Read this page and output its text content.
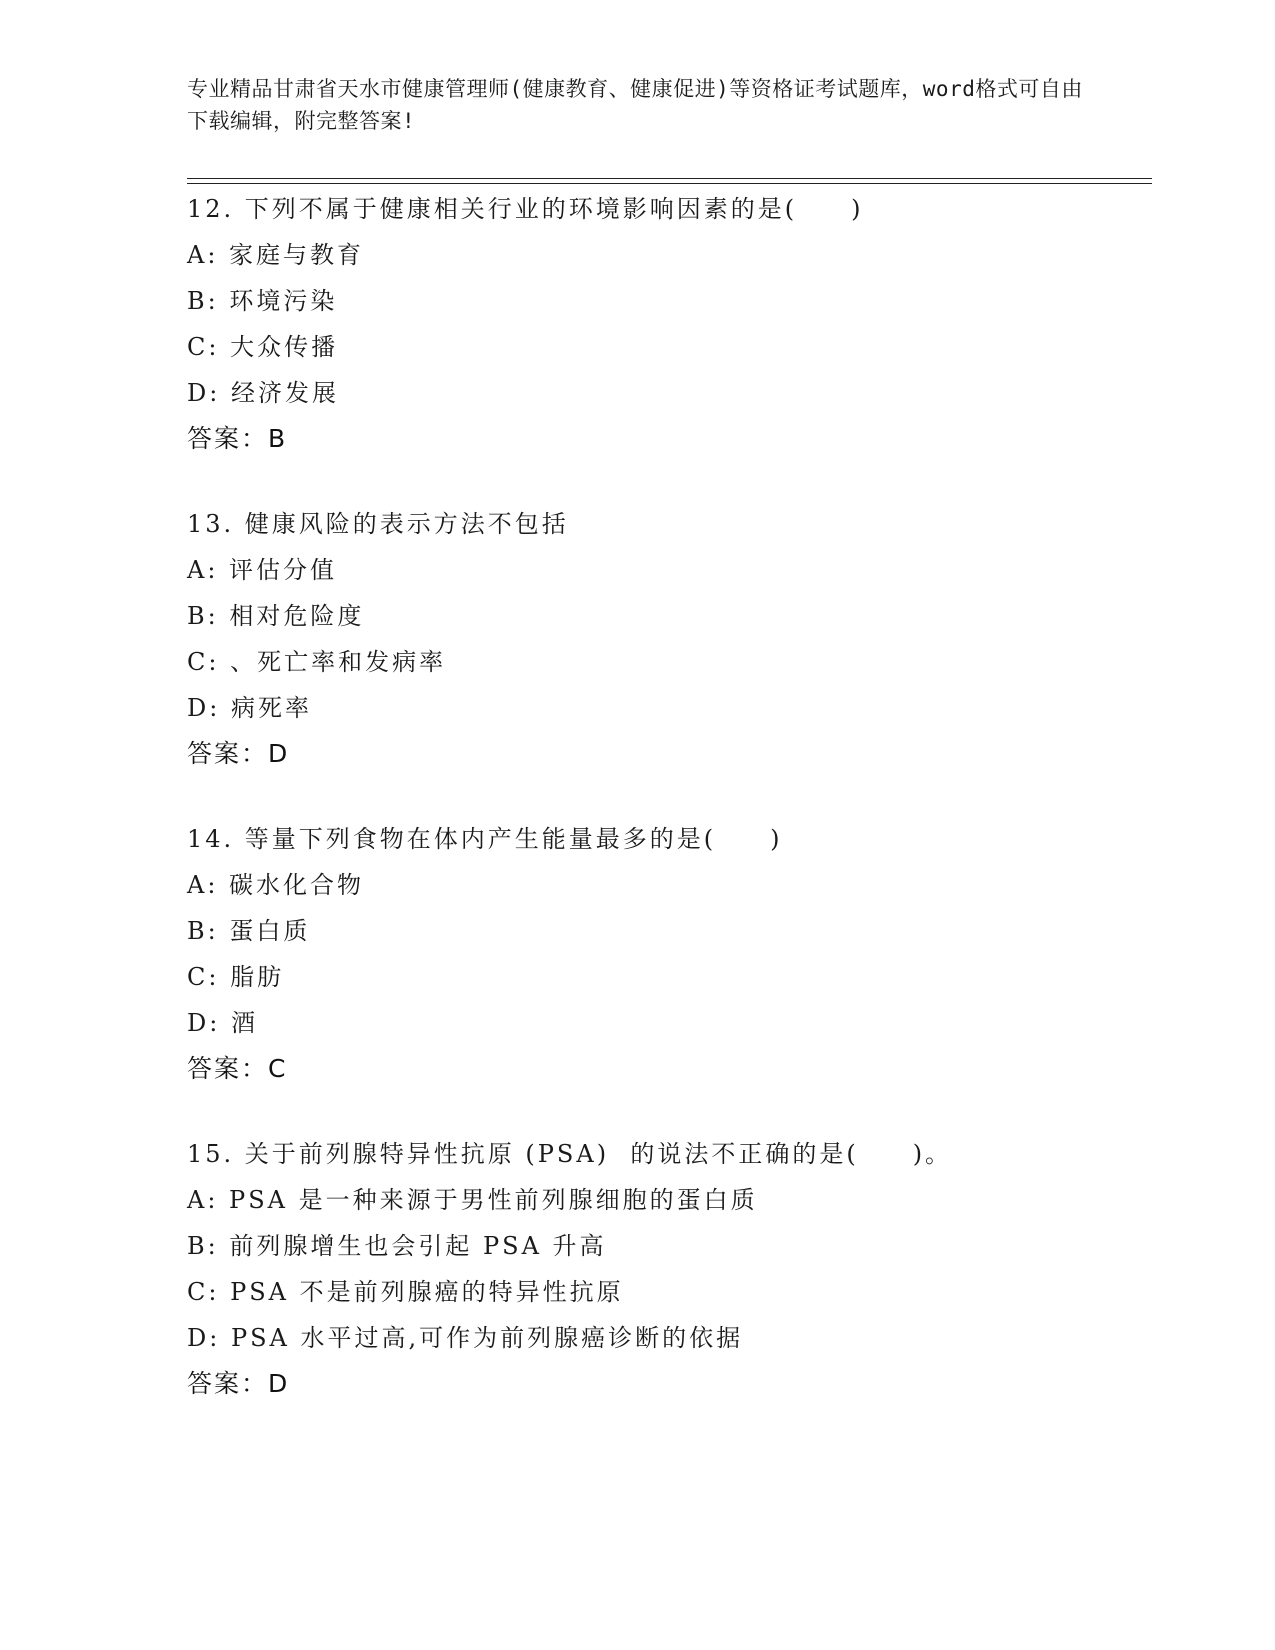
专业精品甘肃省天水市健康管理师(健康教育、健康促进)等资格证考试题库，word格式可自由下载编辑，附完整答案!
12. 下列不属于健康相关行业的环境影响因素的是(　　)
A: 家庭与教育
B: 环境污染
C: 大众传播
D: 经济发展
答案：B
13. 健康风险的表示方法不包括
A: 评估分值
B: 相对危险度
C: 、死亡率和发病率
D: 病死率
答案：D
14. 等量下列食物在体内产生能量最多的是(　　)
A: 碳水化合物
B: 蛋白质
C: 脂肪
D: 酒
答案：C
15. 关于前列腺特异性抗原 (PSA)  的说法不正确的是(　　)。
A: PSA 是一种来源于男性前列腺细胞的蛋白质
B: 前列腺增生也会引起 PSA 升高
C: PSA 不是前列腺癌的特异性抗原
D: PSA 水平过高,可作为前列腺癌诊断的依据
答案：D
